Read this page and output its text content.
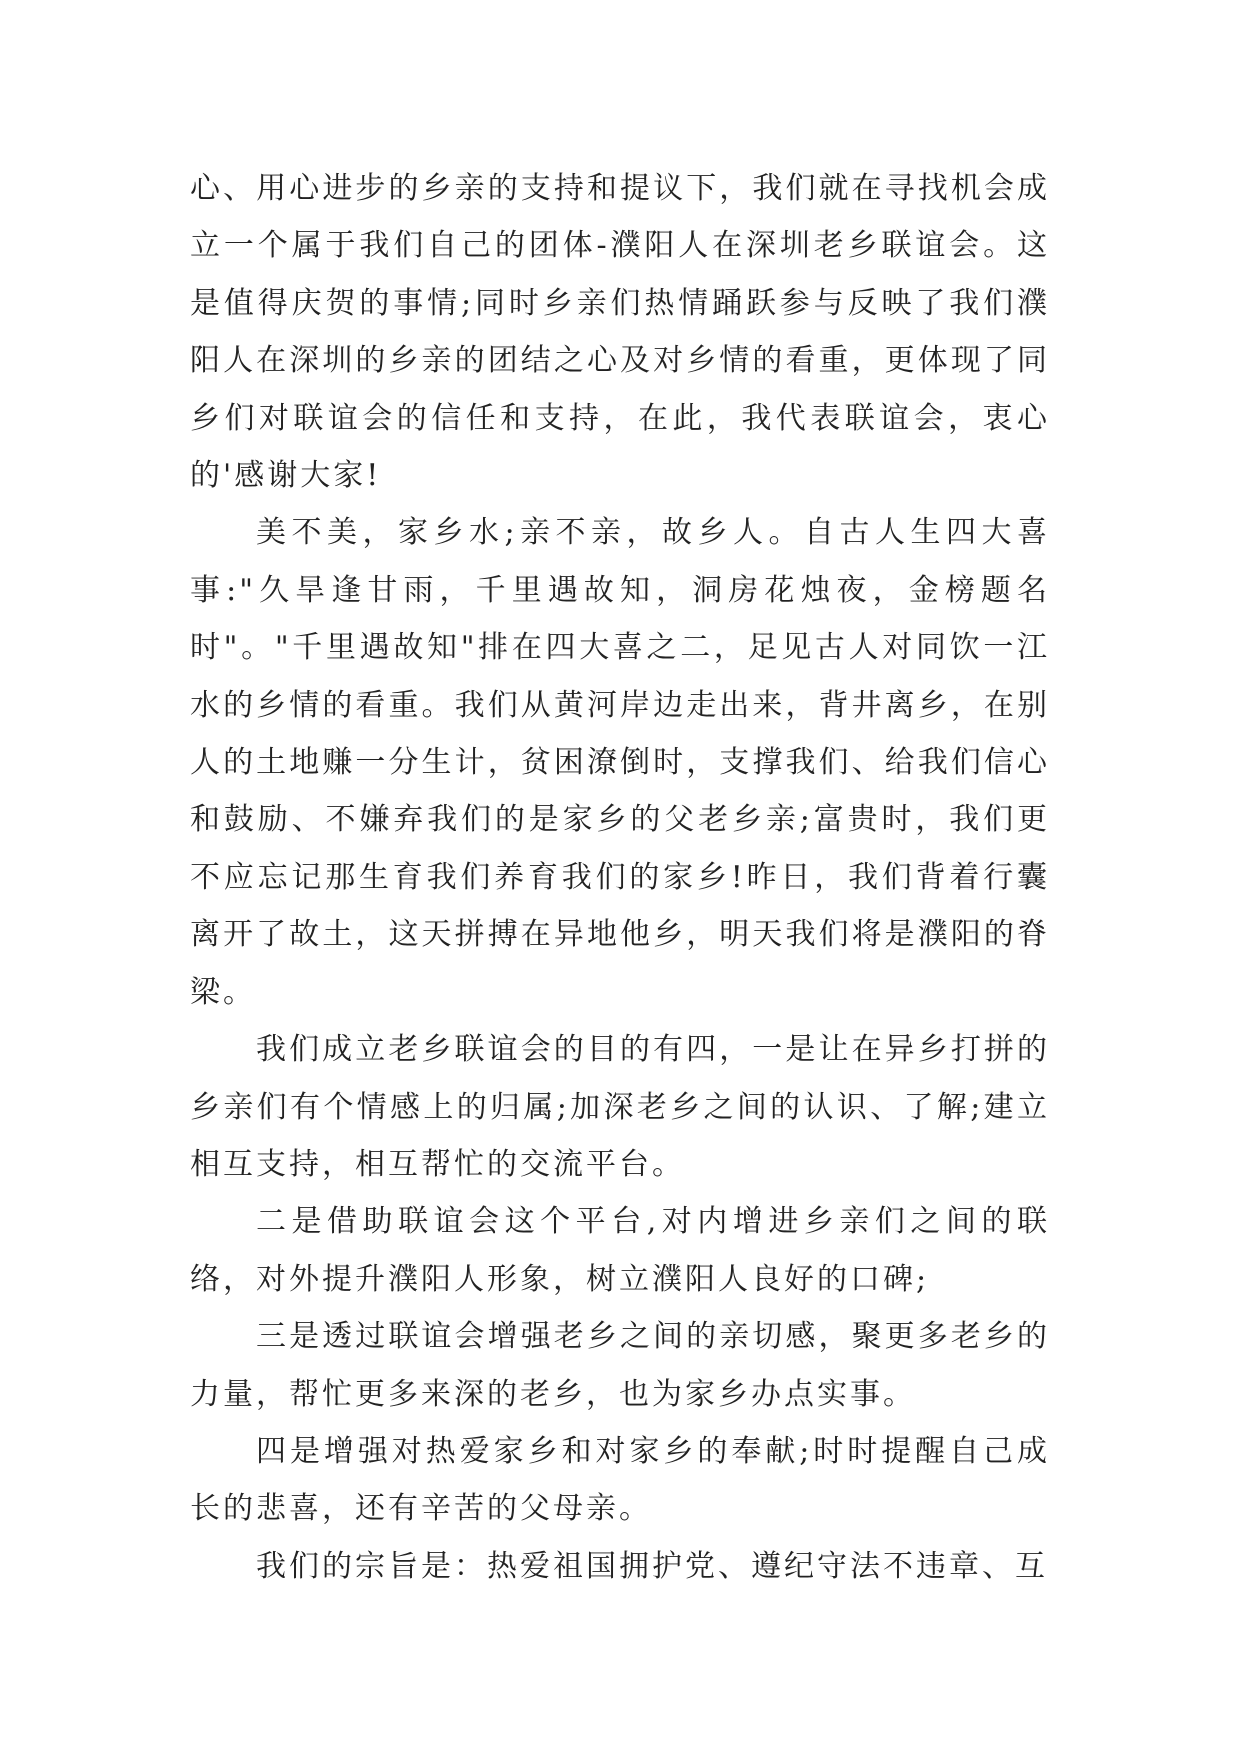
心、用心进步的乡亲的支持和提议下，我们就在寻找机会成立一个属于我们自己的团体-濮阳人在深圳老乡联谊会。这是值得庆贺的事情;同时乡亲们热情踊跃参与反映了我们濮阳人在深圳的乡亲的团结之心及对乡情的看重，更体现了同乡们对联谊会的信任和支持，在此，我代表联谊会，衷心的'感谢大家!

美不美，家乡水;亲不亲，故乡人。自古人生四大喜事:"久旱逢甘雨，千里遇故知，洞房花烛夜，金榜题名时"。"千里遇故知"排在四大喜之二，足见古人对同饮一江水的乡情的看重。我们从黄河岸边走出来，背井离乡，在别人的土地赚一分生计，贫困潦倒时，支撑我们、给我们信心和鼓励、不嫌弃我们的是家乡的父老乡亲;富贵时，我们更不应忘记那生育我们养育我们的家乡!昨日，我们背着行囊离开了故土，这天拼搏在异地他乡，明天我们将是濮阳的脊梁。

我们成立老乡联谊会的目的有四，一是让在异乡打拼的乡亲们有个情感上的归属;加深老乡之间的认识、了解;建立相互支持，相互帮忙的交流平台。

二是借助联谊会这个平台,对内增进乡亲们之间的联络，对外提升濮阳人形象，树立濮阳人良好的口碑;

三是透过联谊会增强老乡之间的亲切感，聚更多老乡的力量，帮忙更多来深的老乡，也为家乡办点实事。

四是增强对热爱家乡和对家乡的奉献;时时提醒自己成长的悲喜，还有辛苦的父母亲。

我们的宗旨是：热爱祖国拥护党、遵纪守法不违章、互
